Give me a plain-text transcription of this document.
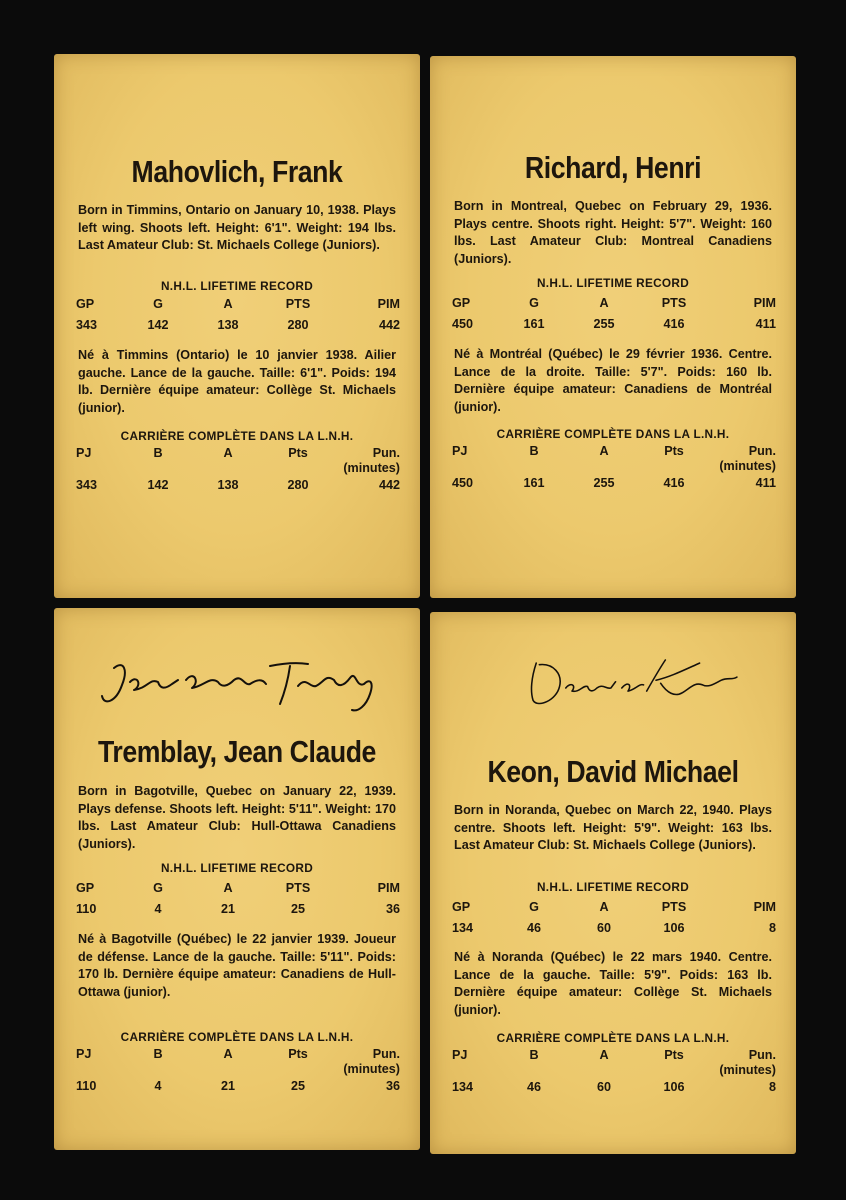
Mahovlich, Frank

Born in Timmins, Ontario on January 10, 1938. Plays left wing. Shoots left. Height: 6'1". Weight: 194 lbs. Last Amateur Club: St. Michaels College (Juniors).

N.H.L. LIFETIME RECORD
GP	G	A	PTS	PIM
343	142	138	280	442

Né à Timmins (Ontario) le 10 janvier 1938. Ailier gauche. Lance de la gauche. Taille: 6'1". Poids: 194 lb. Dernière équipe amateur: Collège St. Michaels (junior).

CARRIÈRE COMPLÈTE DANS LA L.N.H.
PJ	B	A	Pts	Pun.
(minutes)
343	142	138	280	442
Richard, Henri

Born in Montreal, Quebec on February 29, 1936. Plays centre. Shoots right. Height: 5'7". Weight: 160 lbs. Last Amateur Club: Montreal Canadiens (Juniors).

N.H.L. LIFETIME RECORD
GP	G	A	PTS	PIM
450	161	255	416	411

Né à Montréal (Québec) le 29 février 1936. Centre. Lance de la droite. Taille: 5'7". Poids: 160 lb. Dernière équipe amateur: Canadiens de Montréal (junior).

CARRIÈRE COMPLÈTE DANS LA L.N.H.
PJ	B	A	Pts	Pun.
(minutes)
450	161	255	416	411
Tremblay, Jean Claude

Born in Bagotville, Quebec on January 22, 1939. Plays defense. Shoots left. Height: 5'11". Weight: 170 lbs. Last Amateur Club: Hull-Ottawa Canadiens (Juniors).

N.H.L. LIFETIME RECORD
GP	G	A	PTS	PIM
110	4	21	25	36

Né à Bagotville (Québec) le 22 janvier 1939. Joueur de défense. Lance de la gauche. Taille: 5'11". Poids: 170 lb. Dernière équipe amateur: Canadiens de Hull-Ottawa (junior).

CARRIÈRE COMPLÈTE DANS LA L.N.H.
PJ	B	A	Pts	Pun.
(minutes)
110	4	21	25	36
Keon, David Michael

Born in Noranda, Quebec on March 22, 1940. Plays centre. Shoots left. Height: 5'9". Weight: 163 lbs. Last Amateur Club: St. Michaels College (Juniors).

N.H.L. LIFETIME RECORD
GP	G	A	PTS	PIM
134	46	60	106	8

Né à Noranda (Québec) le 22 mars 1940. Centre. Lance de la gauche. Taille: 5'9". Poids: 163 lb. Dernière équipe amateur: Collège St. Michaels (junior).

CARRIÈRE COMPLÈTE DANS LA L.N.H.
PJ	B	A	Pts	Pun.
(minutes)
134	46	60	106	8
